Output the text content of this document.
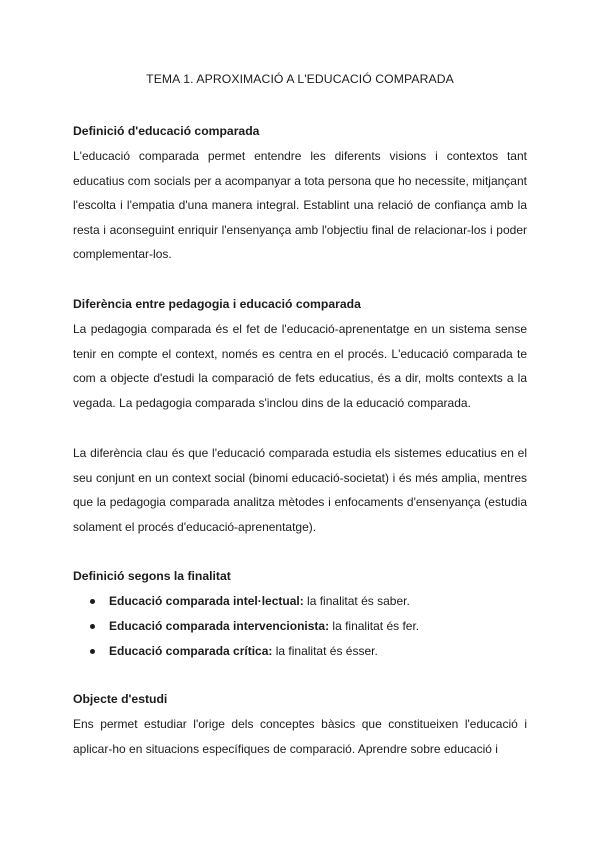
TEMA 1. APROXIMACIÓ A L'EDUCACIÓ COMPARADA
Definició d'educació comparada

L'educació comparada permet entendre les diferents visions i contextos tant educatius com socials per a acompanyar a tota persona que ho necessite, mitjançant l'escolta i l'empatia d'una manera integral. Establint una relació de confiança amb la resta i aconseguint enriquir l'ensenyança amb l'objectiu final de relacionar-los i poder complementar-los.

Diferència entre pedagogia i educació comparada

La pedagogia comparada és el fet de l'educació-aprenentatge en un sistema sense tenir en compte el context, només es centra en el procés. L'educació comparada te com a objecte d'estudi la comparació de fets educatius, és a dir, molts contexts a la vegada. La pedagogia comparada s'inclou dins de la educació comparada.

La diferència clau és que l'educació comparada estudia els sistemes educatius en el seu conjunt en un context social (binomi educació-societat) i és més amplia, mentres que la pedagogia comparada analitza mètodes i enfocaments d'ensenyança (estudia solament el procés d'educació-aprenentatge).

Definició segons la finalitat
Educació comparada intel·lectual: la finalitat és saber.
Educació comparada intervencionista: la finalitat és fer.
Educació comparada crítica: la finalitat és ésser.
Objecte d'estudi

Ens permet estudiar l'orige dels conceptes bàsics que constitueixen l'educació i aplicar-ho en situacions específiques de comparació. Aprendre sobre educació i
